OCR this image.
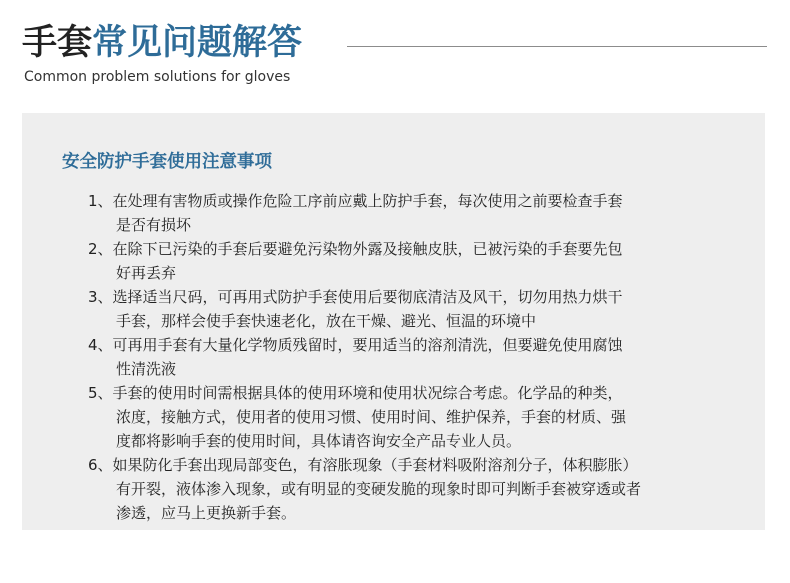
手套常见问题解答
Common problem solutions for gloves
安全防护手套使用注意事项
1、在处理有害物质或操作危险工序前应戴上防护手套，每次使用之前要检查手套
是否有损坏
2、在除下已污染的手套后要避免污染物外露及接触皮肤，已被污染的手套要先包
好再丢弃
3、选择适当尺码，可再用式防护手套使用后要彻底清洁及风干，切勿用热力烘干
手套，那样会使手套快速老化，放在干燥、避光、恒温的环境中
4、可再用手套有大量化学物质残留时，要用适当的溶剂清洗，但要避免使用腐蚀
性清洗液
5、手套的使用时间需根据具体的使用环境和使用状况综合考虑。化学品的种类，
浓度，接触方式，使用者的使用习惯、使用时间、维护保养，手套的材质、强
度都将影响手套的使用时间，具体请咨询安全产品专业人员。
6、如果防化手套出现局部变色，有溶胀现象（手套材料吸附溶剂分子，体积膨胀）
有开裂，液体渗入现象，或有明显的变硬发脆的现象时即可判断手套被穿透或者
渗透，应马上更换新手套。
